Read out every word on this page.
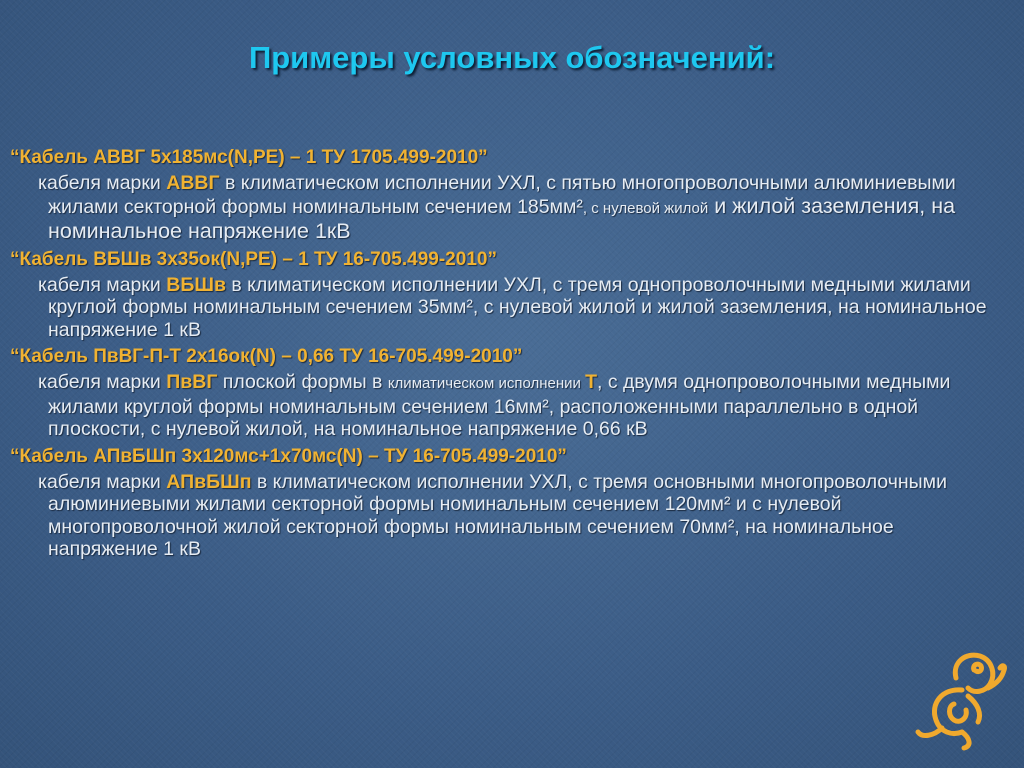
Примеры условных обозначений:

“Кабель АВВГ 5х185мс(N,PE) – 1 ТУ 1705.499-2010”

кабеля марки АВВГ в климатическом исполнении УХЛ, с пятью многопроволочными алюминиевыми жилами секторной формы номинальным сечением 185мм², с нулевой жилой и жилой заземления, на номинальное напряжение 1кВ

“Кабель ВБШв 3х35ок(N,PE) – 1 ТУ 16-705.499-2010”

кабеля марки ВБШв в климатическом исполнении УХЛ, с тремя однопроволочными медными жилами круглой формы номинальным сечением 35мм², с нулевой жилой и жилой заземления, на номинальное напряжение 1 кВ

“Кабель ПвВГ-П-Т 2х16ок(N) – 0,66 ТУ 16-705.499-2010”

кабеля марки ПвВГ плоской формы в климатическом исполнении Т, с двумя однопроволочными медными жилами круглой формы номинальным сечением 16мм², расположенными параллельно в одной плоскости, с нулевой жилой, на номинальное напряжение 0,66 кВ

“Кабель АПвБШп 3х120мс+1х70мс(N) – ТУ 16-705.499-2010”

кабеля марки АПвБШп в климатическом исполнении УХЛ, с тремя основными многопроволочными алюминиевыми жилами секторной формы номинальным сечением 120мм² и с нулевой многопроволочной жилой секторной формы номинальным сечением 70мм², на номинальное напряжение 1 кВ
